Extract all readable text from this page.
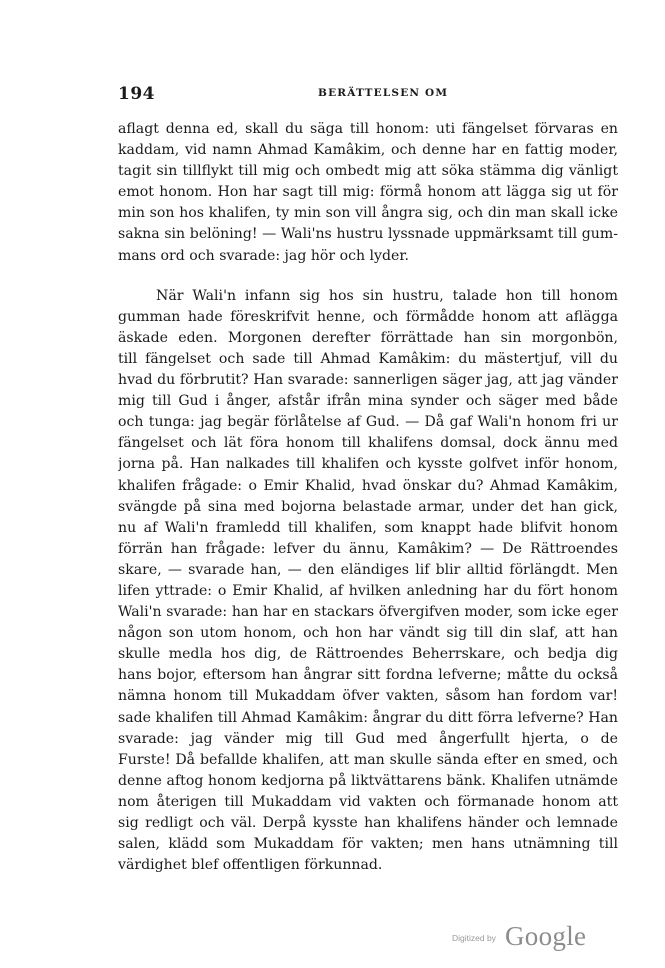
194	BERÄTTELSEN OM
aflagt denna ed, skall du säga till honom: uti fängelset förvaras en
kaddam, vid namn Ahmad Kamâkim, och denne har en fattig moder,
tagit sin tillflykt till mig och ombedt mig att söka stämma dig vänligt
emot honom. Hon har sagt till mig: förmå honom att lägga sig ut för
min son hos khalifen, ty min son vill ångra sig, och din man skall icke
sakna sin belöning! — Wali'ns hustru lyssnade uppmärksamt till gum-
mans ord och svarade: jag hör och lyder.
När Wali'n infann sig hos sin hustru, talade hon till honom
gumman hade föreskrifvit henne, och förmådde honom att aflägga
äskade eden. Morgonen derefter förrättade han sin morgonbön,
till fängelset och sade till Ahmad Kamâkim: du mästertjuf, vill du
hvad du förbrutit? Han svarade: sannerligen säger jag, att jag vänder
mig till Gud i ånger, afstår ifrån mina synder och säger med både
och tunga: jag begär förlåtelse af Gud. — Då gaf Wali'n honom fri ur
fängelset och lät föra honom till khalifens domsal, dock ännu med
jorna på. Han nalkades till khalifen och kysste golfvet inför honom,
khalifen frågade: o Emir Khalid, hvad önskar du? Ahmad Kamâkim,
svängde på sina med bojorna belastade armar, under det han gick,
nu af Wali'n framledd till khalifen, som knappt hade blifvit honom
förrän han frågade: lefver du ännu, Kamâkim? — De Rättroendes
skare, — svarade han, — den eländiges lif blir alltid förlängdt. Men
lifen yttrade: o Emir Khalid, af hvilken anledning har du fört honom
Wali'n svarade: han har en stackars öfvergifven moder, som icke eger
någon son utom honom, och hon har vändt sig till din slaf, att han
skulle medla hos dig, de Rättroendes Beherrskare, och bedja dig
hans bojor, eftersom han ångrar sitt fordna lefverne; måtte du också
nämna honom till Mukaddam öfver vakten, såsom han fordom var!
sade khalifen till Ahmad Kamâkim: ångrar du ditt förra lefverne? Han
svarade: jag vänder mig till Gud med ångerfullt hjerta, o de
Furste! Då befallde khalifen, att man skulle sända efter en smed, och
denne aftog honom kedjorna på liktvättarens bänk. Khalifen utnämde
nom återigen till Mukaddam vid vakten och förmanade honom att
sig redligt och väl. Derpå kysste han khalifens händer och lemnade
salen, klädd som Mukaddam för vakten; men hans utnämning till
värdighet blef offentligen förkunnad.
Digitized by Google
